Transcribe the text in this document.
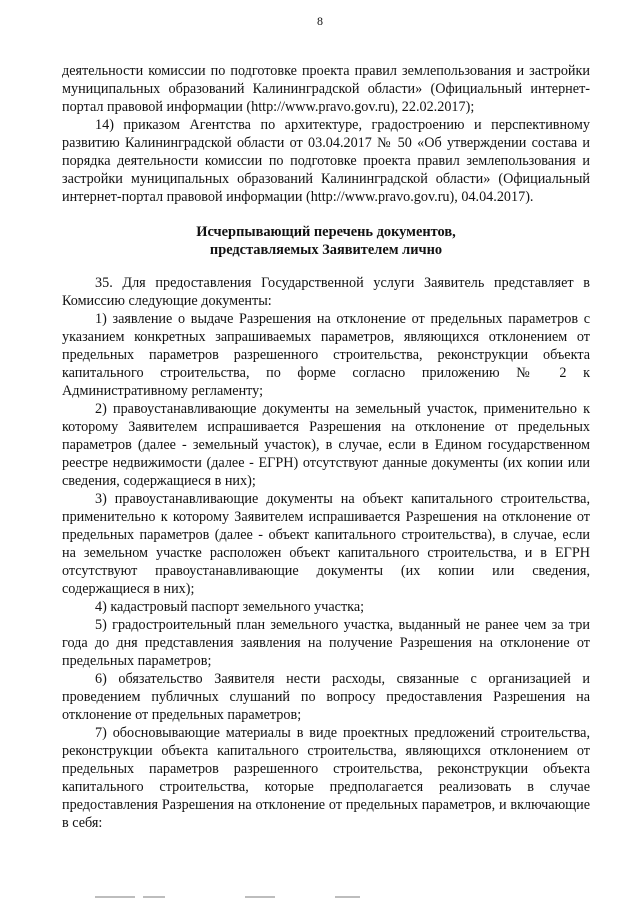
8

деятельности комиссии по подготовке проекта правил землепользования и застройки муниципальных образований Калининградской области» (Официальный интернет-портал правовой информации (http://www.pravo.gov.ru), 22.02.2017);

14) приказом Агентства по архитектуре, градостроению и перспективному развитию Калининградской области от 03.04.2017 № 50 «Об утверждении состава и порядка деятельности комиссии по подготовке проекта правил землепользования и застройки муниципальных образований Калининградской области» (Официальный интернет-портал правовой информации (http://www.pravo.gov.ru), 04.04.2017).

Исчерпывающий перечень документов,
представляемых Заявителем лично

35. Для предоставления Государственной услуги Заявитель представляет в Комиссию следующие документы:

1) заявление о выдаче Разрешения на отклонение от предельных параметров с указанием конкретных запрашиваемых параметров, являющихся отклонением от предельных параметров разрешенного строительства, реконструкции объекта капитального строительства, по форме согласно приложению № 2 к Административному регламенту;

2) правоустанавливающие документы на земельный участок, применительно к которому Заявителем испрашивается Разрешения на отклонение от предельных параметров (далее - земельный участок), в случае, если в Едином государственном реестре недвижимости (далее - ЕГРН) отсутствуют данные документы (их копии или сведения, содержащиеся в них);

3) правоустанавливающие документы на объект капитального строительства, применительно к которому Заявителем испрашивается Разрешения на отклонение от предельных параметров (далее - объект капитального строительства), в случае, если на земельном участке расположен объект капитального строительства, и в ЕГРН отсутствуют правоустанавливающие документы (их копии или сведения, содержащиеся в них);

4) кадастровый паспорт земельного участка;

5) градостроительный план земельного участка, выданный не ранее чем за три года до дня представления заявления на получение Разрешения на отклонение от предельных параметров;

6) обязательство Заявителя нести расходы, связанные с организацией и проведением публичных слушаний по вопросу предоставления Разрешения на отклонение от предельных параметров;

7) обосновывающие материалы в виде проектных предложений строительства, реконструкции объекта капитального строительства, являющихся отклонением от предельных параметров разрешенного строительства, реконструкции объекта капитального строительства, которые предполагается реализовать в случае предоставления Разрешения на отклонение от предельных параметров, и включающие в себя:
